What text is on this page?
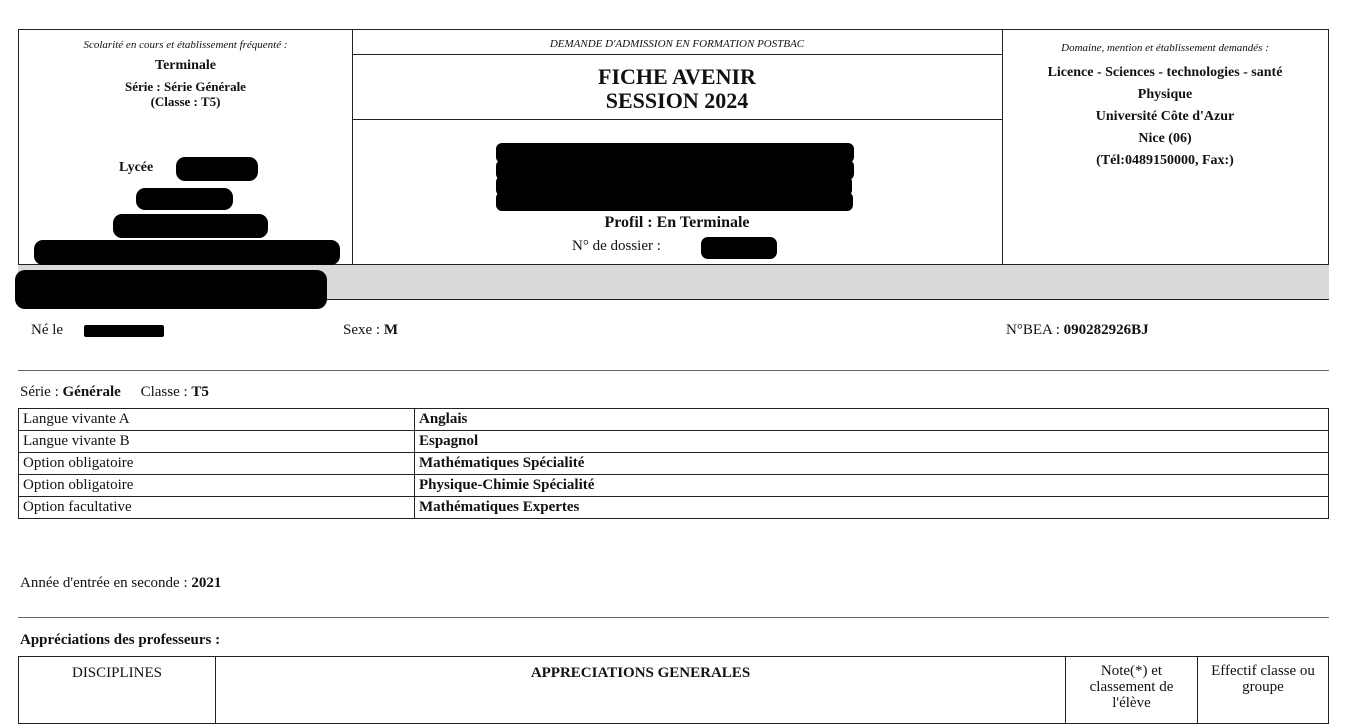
Scolarité en cours et établissement fréquenté :
Terminale
Série : Série Générale
(Classe : T5)
Lycée
DEMANDE D'ADMISSION EN FORMATION POSTBAC
FICHE AVENIR
SESSION 2024
Profil : En Terminale
N° de dossier :
Domaine, mention et établissement demandés :
Licence - Sciences - technologies - santé
Physique
Université Côte d'Azur
Nice (06)
(Tél:0489150000, Fax:)
Né le	Sexe : M	N°BEA : 090282926BJ
Série : Générale Classe : T5
Langue vivante A	Anglais
Langue vivante B	Espagnol
Option obligatoire	Mathématiques Spécialité
Option obligatoire	Physique-Chimie Spécialité
Option facultative	Mathématiques Expertes
Année d'entrée en seconde : 2021
Appréciations des professeurs :
DISCIPLINES	APPRECIATIONS GENERALES	Note(*) et classement de l'élève	Effectif classe ou groupe
